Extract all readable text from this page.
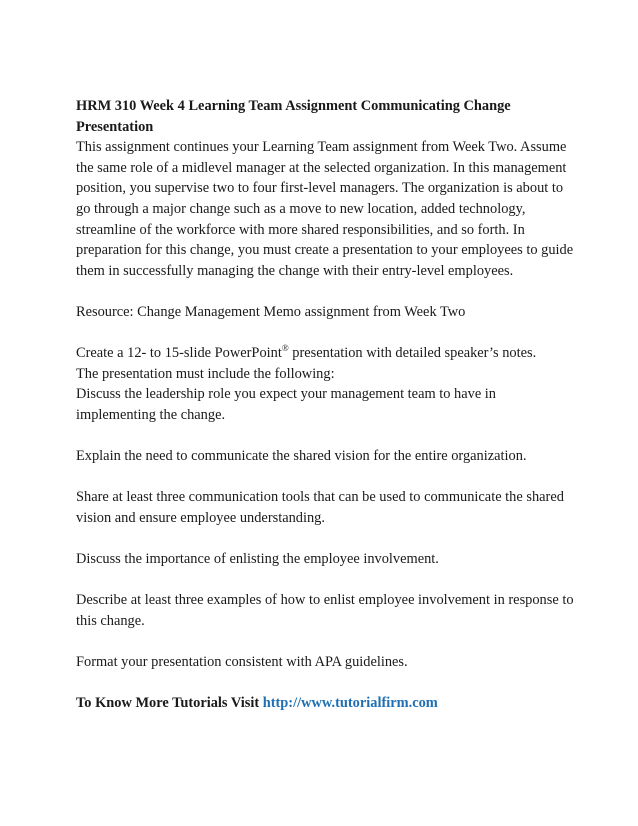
HRM 310 Week 4 Learning Team Assignment Communicating Change Presentation

This assignment continues your Learning Team assignment from Week Two. Assume the same role of a midlevel manager at the selected organization. In this management position, you supervise two to four first-level managers. The organization is about to go through a major change such as a move to new location, added technology, streamline of the workforce with more shared responsibilities, and so forth. In preparation for this change, you must create a presentation to your employees to guide them in successfully managing the change with their entry-level employees.

Resource: Change Management Memo assignment from Week Two

Create a 12- to 15-slide PowerPoint® presentation with detailed speaker’s notes.

The presentation must include the following:

Discuss the leadership role you expect your management team to have in implementing the change.

Explain the need to communicate the shared vision for the entire organization.

Share at least three communication tools that can be used to communicate the shared vision and ensure employee understanding.

Discuss the importance of enlisting the employee involvement.

Describe at least three examples of how to enlist employee involvement in response to this change.

Format your presentation consistent with APA guidelines.

To Know More Tutorials Visit http://www.tutorialfirm.com
